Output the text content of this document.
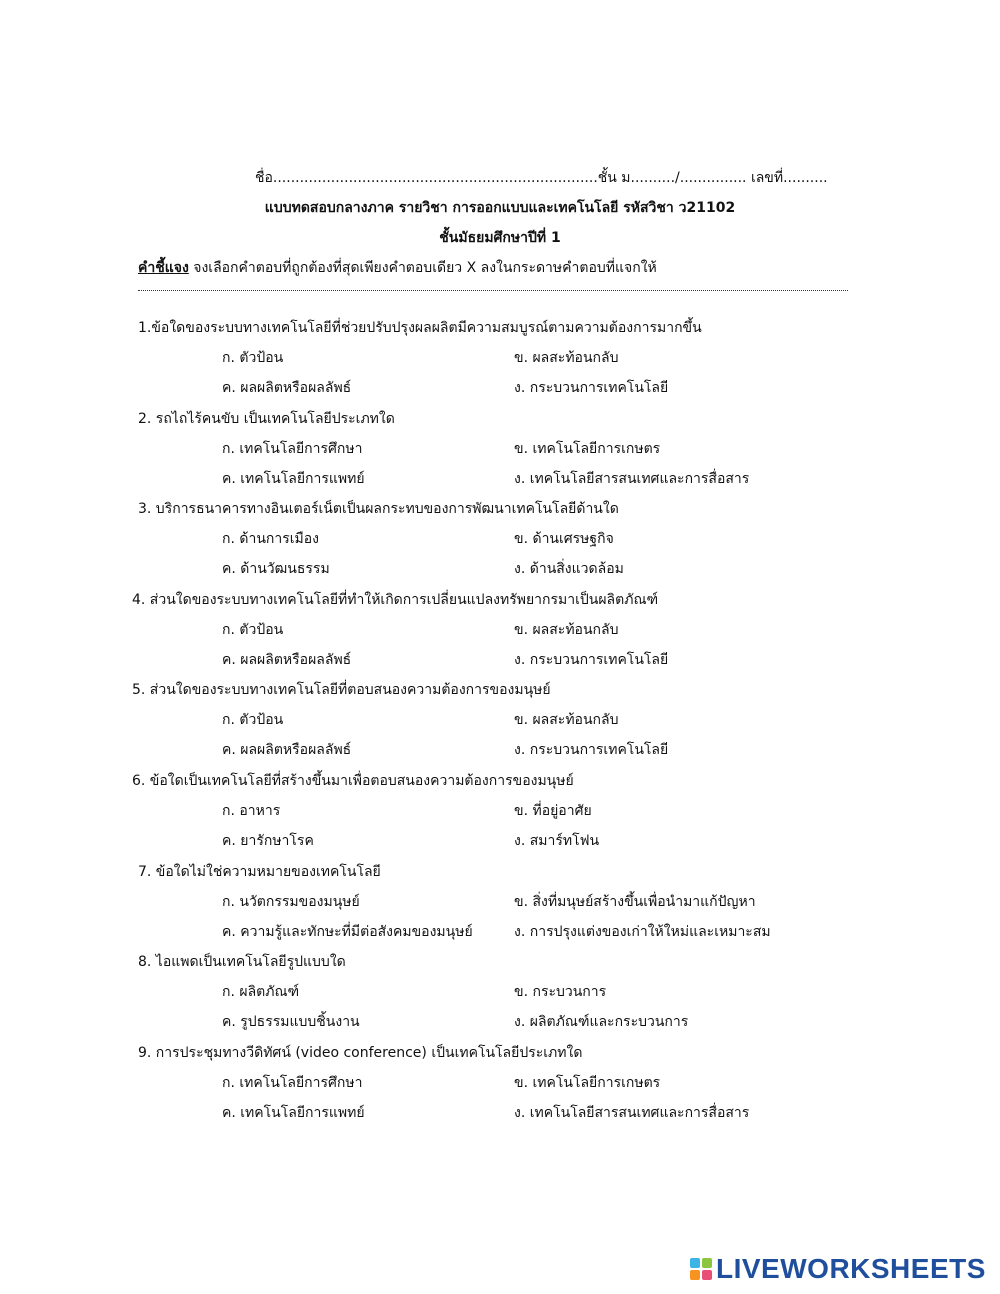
ชื่อ.........................................................................ชั้น ม........../............... เลขที่..........
แบบทดสอบกลางภาค รายวิชา การออกแบบและเทคโนโลยี รหัสวิชา ว21102
ชั้นมัธยมศึกษาปีที่ 1
คำชี้แจง จงเลือกคำตอบที่ถูกต้องที่สุดเพียงคำตอบเดียว X ลงในกระดาษคำตอบที่แจกให้
1.ข้อใดของระบบทางเทคโนโลยีที่ช่วยปรับปรุงผลผลิตมีความสมบูรณ์ตามความต้องการมากขึ้น
ก. ตัวป้อน	ข. ผลสะท้อนกลับ
ค. ผลผลิตหรือผลลัพธ์	ง. กระบวนการเทคโนโลยี
2. รถไถไร้คนขับ เป็นเทคโนโลยีประเภทใด
ก. เทคโนโลยีการศึกษา	ข. เทคโนโลยีการเกษตร
ค. เทคโนโลยีการแพทย์	ง. เทคโนโลยีสารสนเทศและการสื่อสาร
3. บริการธนาคารทางอินเตอร์เน็ตเป็นผลกระทบของการพัฒนาเทคโนโลยีด้านใด
ก. ด้านการเมือง	ข. ด้านเศรษฐกิจ
ค. ด้านวัฒนธรรม	ง. ด้านสิ่งแวดล้อม
4. ส่วนใดของระบบทางเทคโนโลยีที่ทำให้เกิดการเปลี่ยนแปลงทรัพยากรมาเป็นผลิตภัณฑ์
ก. ตัวป้อน	ข. ผลสะท้อนกลับ
ค. ผลผลิตหรือผลลัพธ์	ง. กระบวนการเทคโนโลยี
5. ส่วนใดของระบบทางเทคโนโลยีที่ตอบสนองความต้องการของมนุษย์
ก. ตัวป้อน	ข. ผลสะท้อนกลับ
ค. ผลผลิตหรือผลลัพธ์	ง. กระบวนการเทคโนโลยี
6. ข้อใดเป็นเทคโนโลยีที่สร้างขึ้นมาเพื่อตอบสนองความต้องการของมนุษย์
ก. อาหาร	ข. ที่อยู่อาศัย
ค. ยารักษาโรค	ง. สมาร์ทโฟน
7. ข้อใดไม่ใช่ความหมายของเทคโนโลยี
ก. นวัตกรรมของมนุษย์	ข. สิ่งที่มนุษย์สร้างขึ้นเพื่อนำมาแก้ปัญหา
ค. ความรู้และทักษะที่มีต่อสังคมของมนุษย์	ง. การปรุงแต่งของเก่าให้ใหม่และเหมาะสม
8. ไอแพดเป็นเทคโนโลยีรูปแบบใด
ก. ผลิตภัณฑ์	ข. กระบวนการ
ค. รูปธรรมแบบชิ้นงาน	ง. ผลิตภัณฑ์และกระบวนการ
9. การประชุมทางวีดิทัศน์ (video conference) เป็นเทคโนโลยีประเภทใด
ก. เทคโนโลยีการศึกษา	ข. เทคโนโลยีการเกษตร
ค. เทคโนโลยีการแพทย์	ง. เทคโนโลยีสารสนเทศและการสื่อสาร
LIVEWORKSHEETS
